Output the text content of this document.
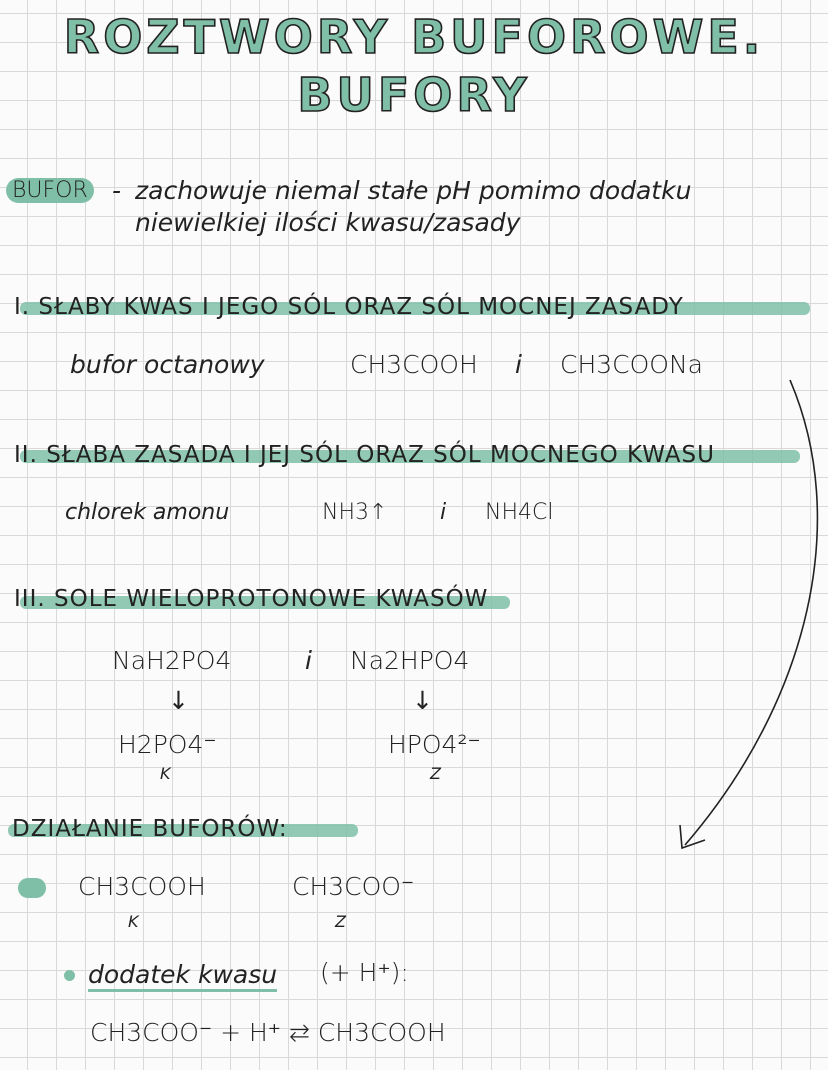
ROZTWORY BUFOROWE.
BUFORY
BUFOR - zachowuje niemal stałe pH pomimo dodatku
niewielkiej ilości kwasu/zasady
I. SŁABY KWAS I JEGO SÓL ORAZ SÓL MOCNEJ ZASADY
bufor octanowy	CH3COOH i CH3COONa
II. SŁABA ZASADA I JEJ SÓL ORAZ SÓL MOCNEGO KWASU
chlorek amonu	NH3↑ i NH4Cl
III. SOLE WIELOPROTONOWE KWASÓW
NaH2PO4	i Na2HPO4
↓	↓
H2PO4⁻
K
HPO4²⁻
Z
DZIAŁANIE BUFORÓW:
CH3COOH
K
CH3COO⁻
Z
dodatek kwasu (+ H⁺):
CH3COO⁻ + H⁺ ⇆ CH3COOH
